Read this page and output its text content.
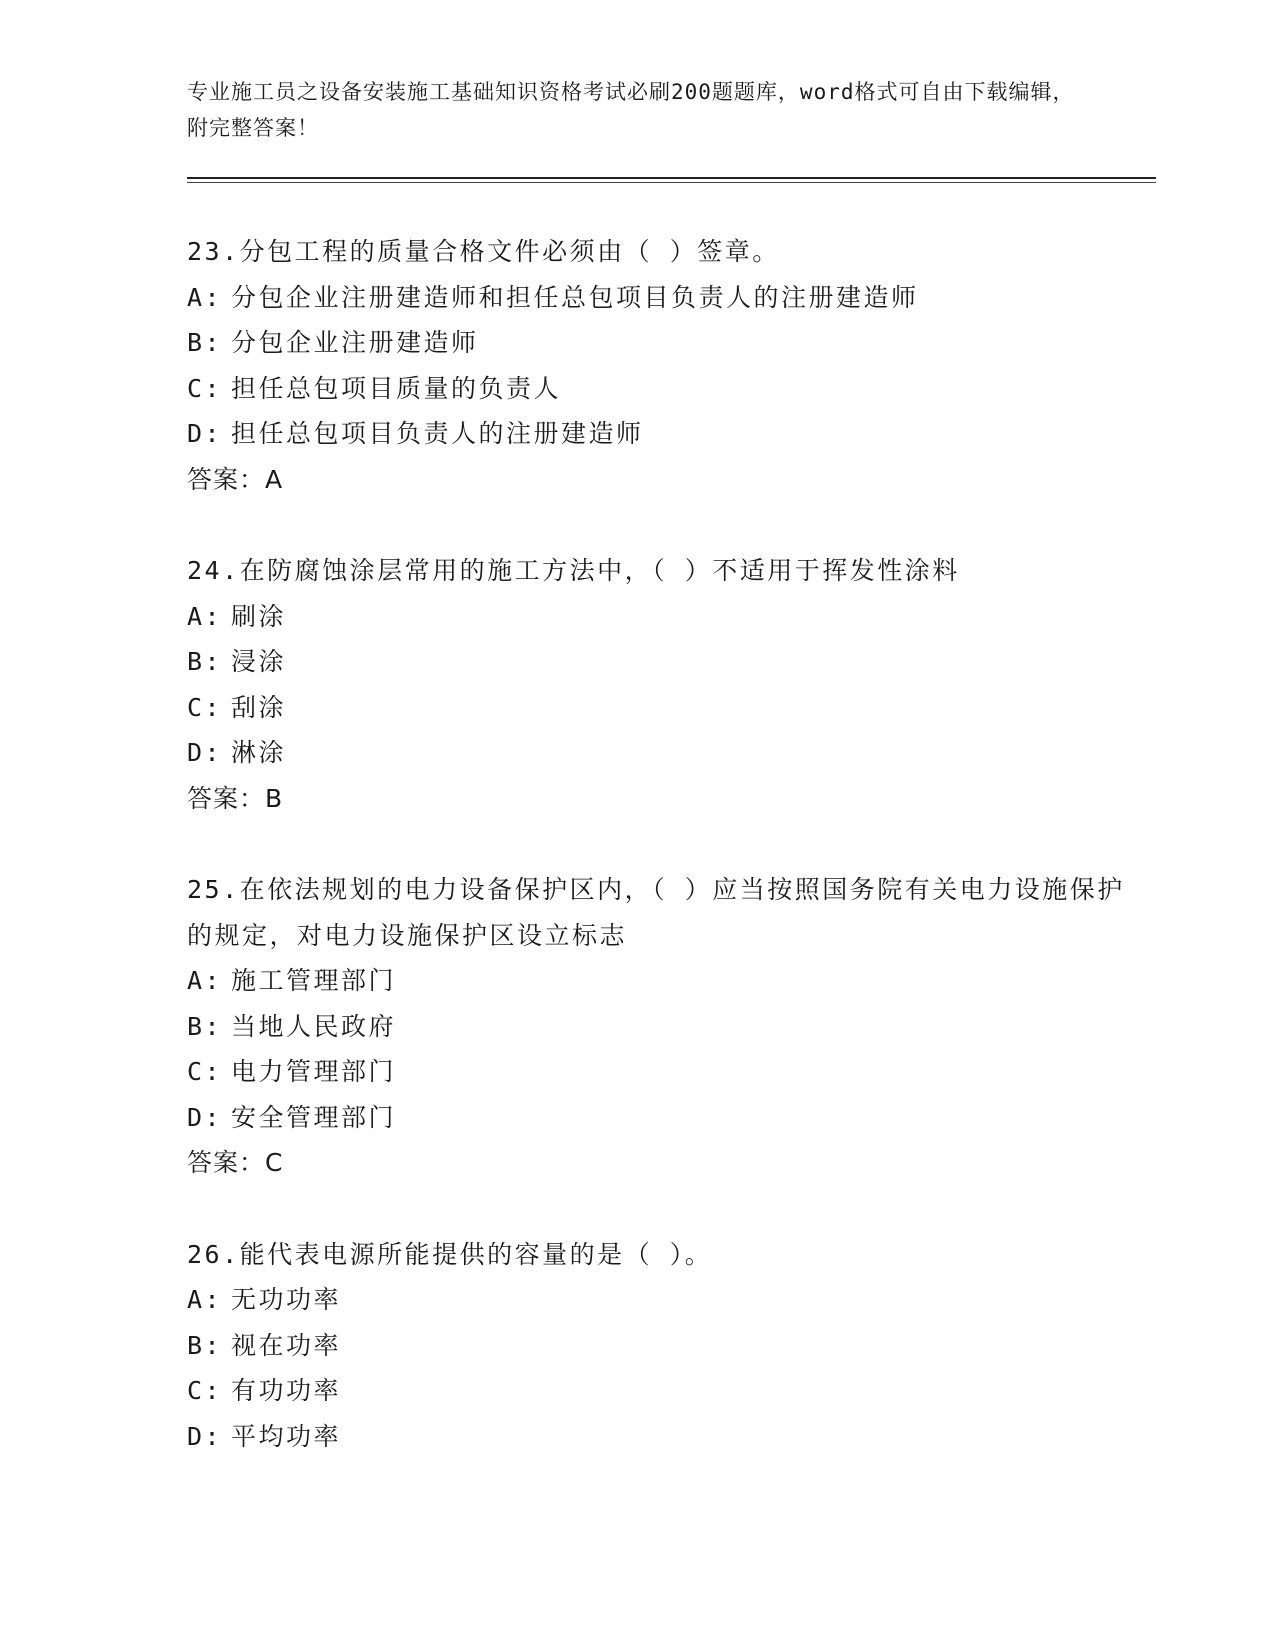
专业施工员之设备安装施工基础知识资格考试必刷200题题库，word格式可自由下载编辑，附完整答案！
23.分包工程的质量合格文件必须由（ ）签章。
A: 分包企业注册建造师和担任总包项目负责人的注册建造师
B: 分包企业注册建造师
C: 担任总包项目质量的负责人
D: 担任总包项目负责人的注册建造师
答案：A
24.在防腐蚀涂层常用的施工方法中，（ ）不适用于挥发性涂料
A: 刷涂
B: 浸涂
C: 刮涂
D: 淋涂
答案：B
25.在依法规划的电力设备保护区内，（ ）应当按照国务院有关电力设施保护的规定，对电力设施保护区设立标志
A: 施工管理部门
B: 当地人民政府
C: 电力管理部门
D: 安全管理部门
答案：C
26.能代表电源所能提供的容量的是（ ）。
A: 无功功率
B: 视在功率
C: 有功功率
D: 平均功率
